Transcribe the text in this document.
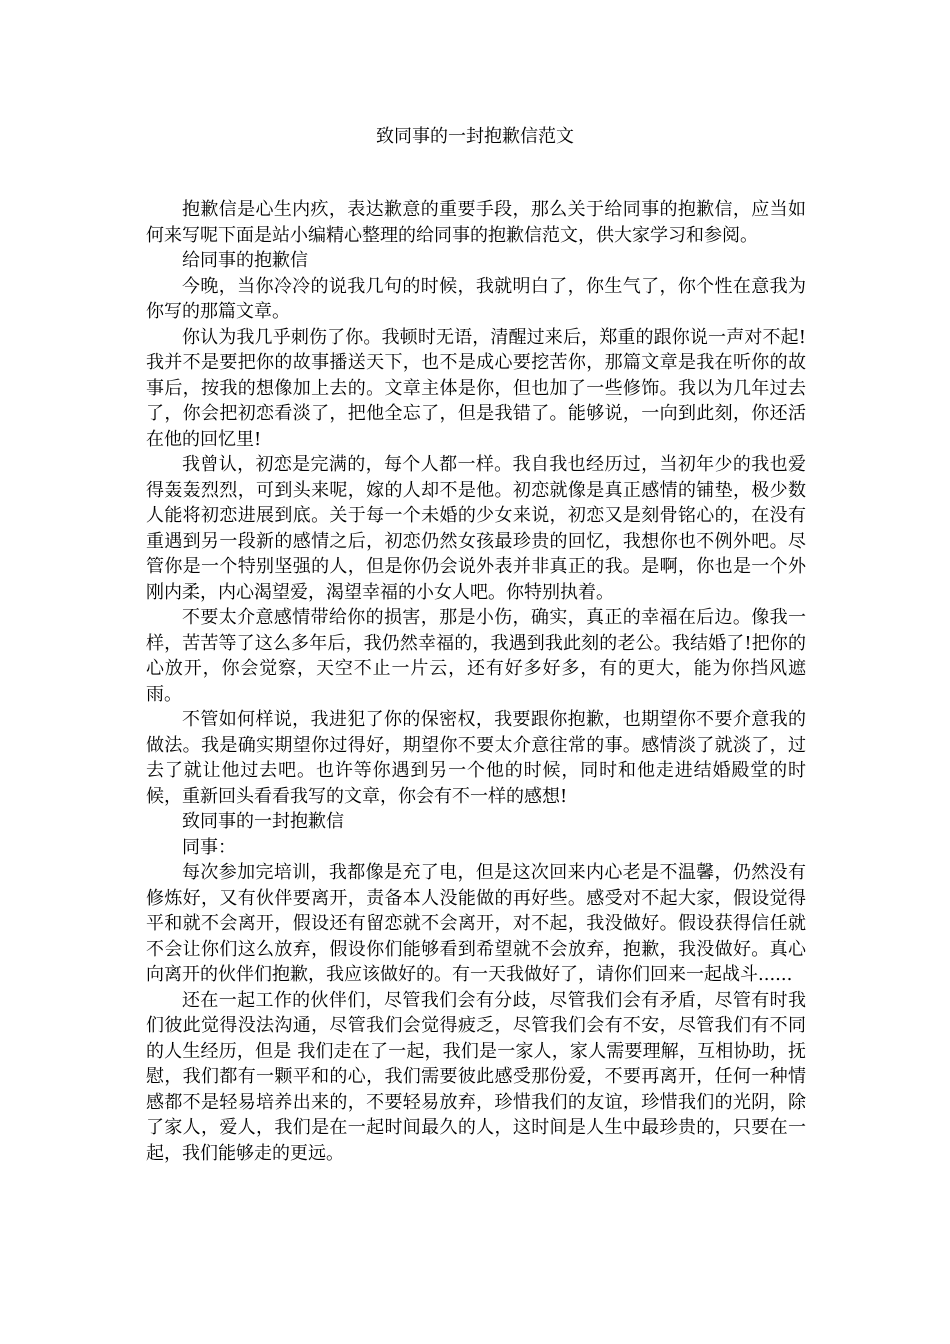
致同事的一封抱歉信范文

抱歉信是心生内疚，表达歉意的重要手段，那么关于给同事的抱歉信，应当如何来写呢下面是站小编精心整理的给同事的抱歉信范文，供大家学习和参阅。

给同事的抱歉信

今晚，当你冷冷的说我几句的时候，我就明白了，你生气了，你个性在意我为你写的那篇文章。

你认为我几乎刺伤了你。我顿时无语，清醒过来后，郑重的跟你说一声对不起!我并不是要把你的故事播送天下，也不是成心要挖苦你，那篇文章是我在听你的故事后，按我的想像加上去的。文章主体是你，但也加了一些修饰。我以为几年过去了，你会把初恋看淡了，把他全忘了，但是我错了。能够说，一向到此刻，你还活在他的回忆里!

我曾认，初恋是完满的，每个人都一样。我自我也经历过，当初年少的我也爱得轰轰烈烈，可到头来呢，嫁的人却不是他。初恋就像是真正感情的铺垫，极少数人能将初恋进展到底。关于每一个未婚的少女来说，初恋又是刻骨铭心的，在没有重遇到另一段新的感情之后，初恋仍然女孩最珍贵的回忆，我想你也不例外吧。尽管你是一个特别坚强的人，但是你仍会说外表并非真正的我。是啊，你也是一个外刚内柔，内心渴望爱，渴望幸福的小女人吧。你特别执着。

不要太介意感情带给你的损害，那是小伤，确实，真正的幸福在后边。像我一样，苦苦等了这么多年后，我仍然幸福的，我遇到我此刻的老公。我结婚了!把你的心放开，你会觉察，天空不止一片云，还有好多好多，有的更大，能为你挡风遮雨。

不管如何样说，我进犯了你的保密权，我要跟你抱歉，也期望你不要介意我的做法。我是确实期望你过得好，期望你不要太介意往常的事。感情淡了就淡了，过去了就让他过去吧。也许等你遇到另一个他的时候，同时和他走进结婚殿堂的时候，重新回头看看我写的文章，你会有不一样的感想!

致同事的一封抱歉信

同事：

每次参加完培训，我都像是充了电，但是这次回来内心老是不温馨，仍然没有修炼好，又有伙伴要离开，责备本人没能做的再好些。感受对不起大家，假设觉得平和就不会离开，假设还有留恋就不会离开，对不起，我没做好。假设获得信任就不会让你们这么放弃，假设你们能够看到希望就不会放弃，抱歉，我没做好。真心向离开的伙伴们抱歉，我应该做好的。有一天我做好了，请你们回来一起战斗......

还在一起工作的伙伴们，尽管我们会有分歧，尽管我们会有矛盾，尽管有时我们彼此觉得没法沟通，尽管我们会觉得疲乏，尽管我们会有不安，尽管我们有不同的人生经历，但是 我们走在了一起，我们是一家人，家人需要理解，互相协助，抚慰，我们都有一颗平和的心，我们需要彼此感受那份爱，不要再离开，任何一种情感都不是轻易培养出来的，不要轻易放弃，珍惜我们的友谊，珍惜我们的光阴，除了家人，爱人，我们是在一起时间最久的人，这时间是人生中最珍贵的，只要在一起，我们能够走的更远。
